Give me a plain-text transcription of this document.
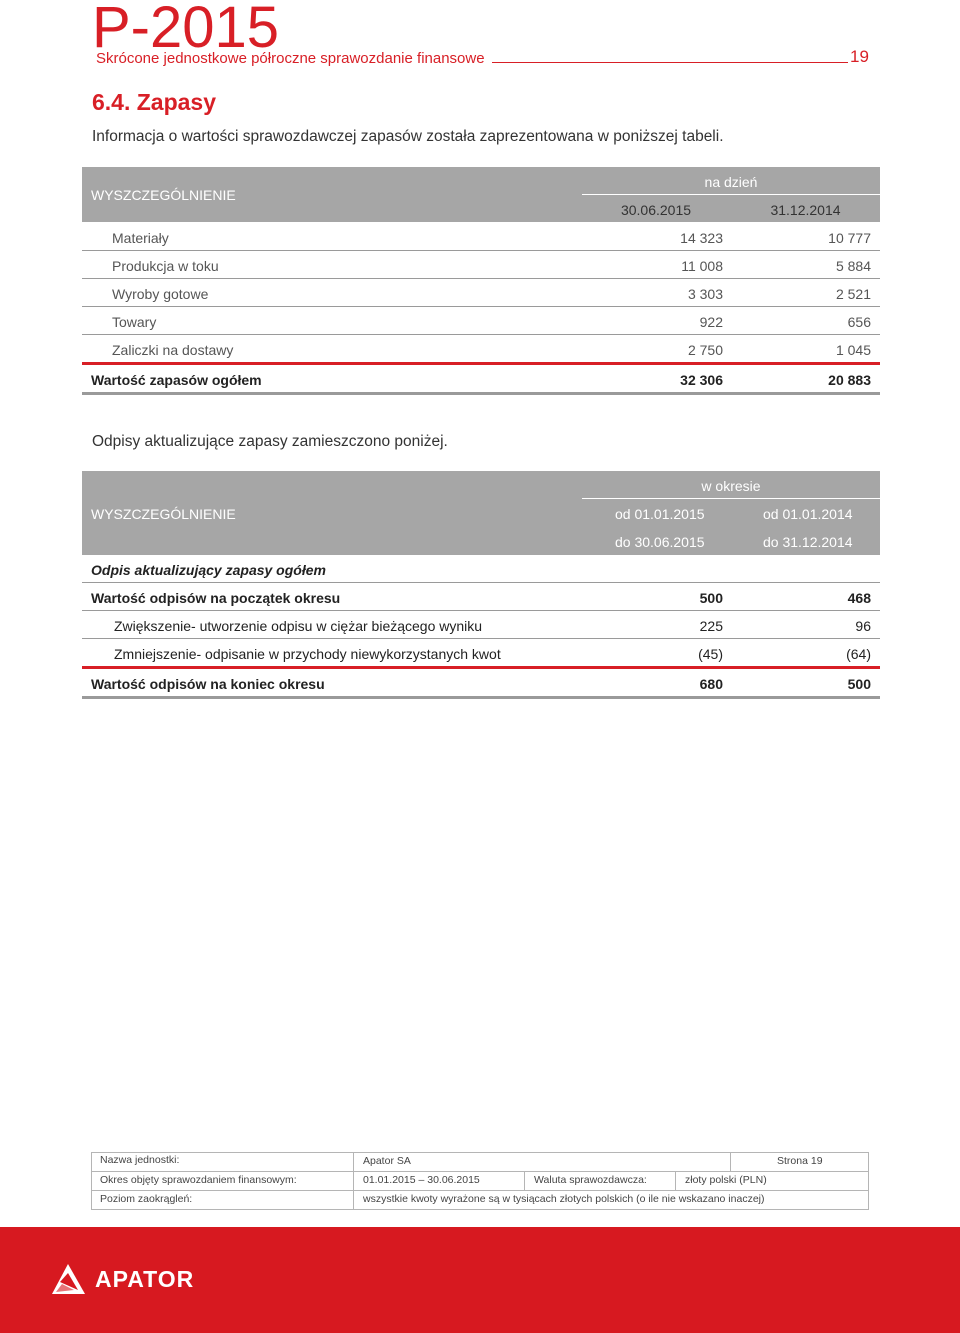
P-2015
Skrócone jednostkowe półroczne sprawozdanie finansowe	19
6.4. Zapasy
Informacja o wartości sprawozdawczej zapasów została zaprezentowana w poniższej tabeli.
WYSZCZEGÓLNIENIE
na dzień
30.06.2015	31.12.2014
Materiały	14 323	10 777
Produkcja w toku	11 008	5 884
Wyroby gotowe	3 303	2 521
Towary	922	656
Zaliczki na dostawy	2 750	1 045
Wartość zapasów ogółem	32 306	20 883
Odpisy aktualizujące zapasy zamieszczono poniżej.
WYSZCZEGÓLNIENIE
w okresie
od 01.01.2015	od 01.01.2014
do 30.06.2015	do 31.12.2014
Odpis aktualizujący zapasy ogółem
Wartość odpisów na początek okresu	500	468
Zwiększenie- utworzenie odpisu w ciężar bieżącego wyniku	225	96
Zmniejszenie- odpisanie w przychody niewykorzystanych kwot	(45)	(64)
Wartość odpisów na koniec okresu	680	500
Nazwa jednostki:	Apator SA	Strona 19
Okres objęty sprawozdaniem finansowym:	01.01.2015 – 30.06.2015	Waluta sprawozdawcza:	złoty polski (PLN)
Poziom zaokrągleń:	wszystkie kwoty wyrażone są w tysiącach złotych polskich (o ile nie wskazano inaczej)
APATOR
